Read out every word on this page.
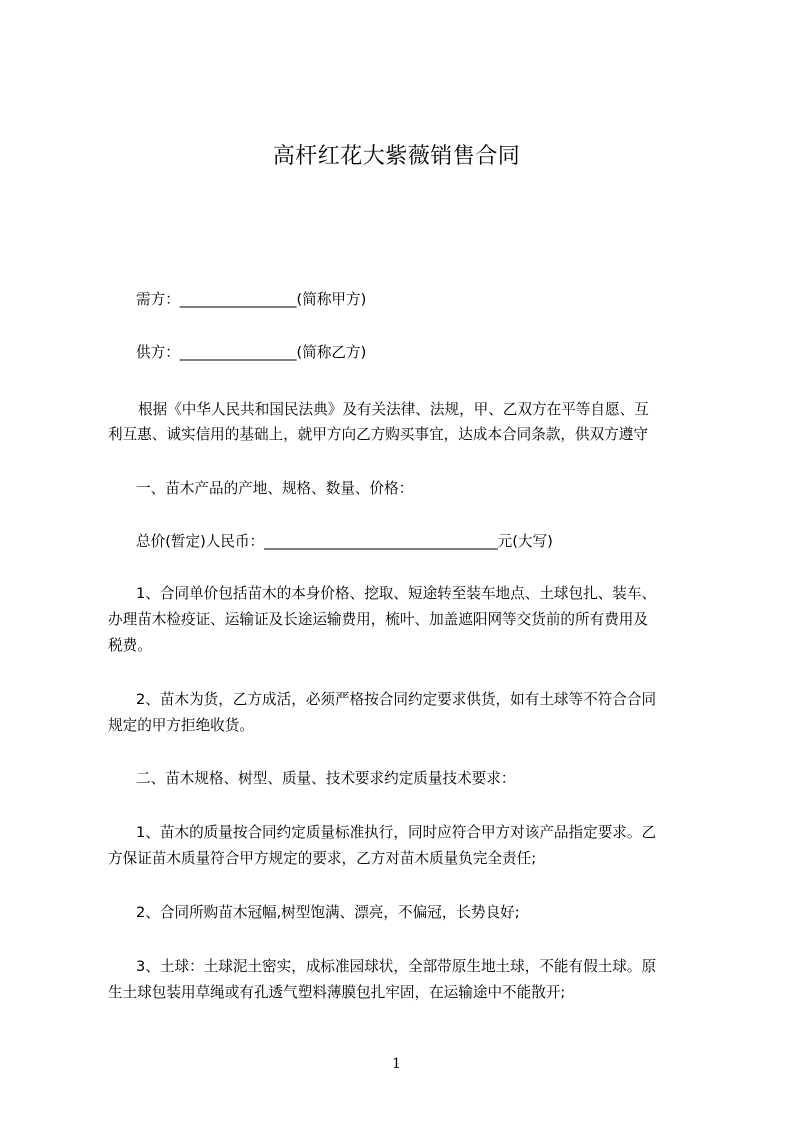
高杆红花大紫薇销售合同
需方：________________(简称甲方)
供方：________________(简称乙方)
根据《中华人民共和国民法典》及有关法律、法规，甲、乙双方在平等自愿、互
利互惠、诚实信用的基础上，就甲方向乙方购买事宜，达成本合同条款，供双方遵守
一、苗木产品的产地、规格、数量、价格：
总价(暂定)人民币：________________________________元(大写)
1、合同单价包括苗木的本身价格、挖取、短途转至装车地点、土球包扎、装车、
办理苗木检疫证、运输证及长途运输费用，梳叶、加盖遮阳网等交货前的所有费用及
税费。
2、苗木为货，乙方成活，必须严格按合同约定要求供货，如有土球等不符合合同
规定的甲方拒绝收货。
二、苗木规格、树型、质量、技术要求约定质量技术要求：
1、苗木的质量按合同约定质量标准执行，同时应符合甲方对该产品指定要求。乙
方保证苗木质量符合甲方规定的要求，乙方对苗木质量负完全责任;
2、合同所购苗木冠幅,树型饱满、漂亮，不偏冠，长势良好;
3、土球：土球泥土密实，成标准园球状，全部带原生地土球，不能有假土球。原
生土球包装用草绳或有孔透气塑料薄膜包扎牢固，在运输途中不能散开;
1
